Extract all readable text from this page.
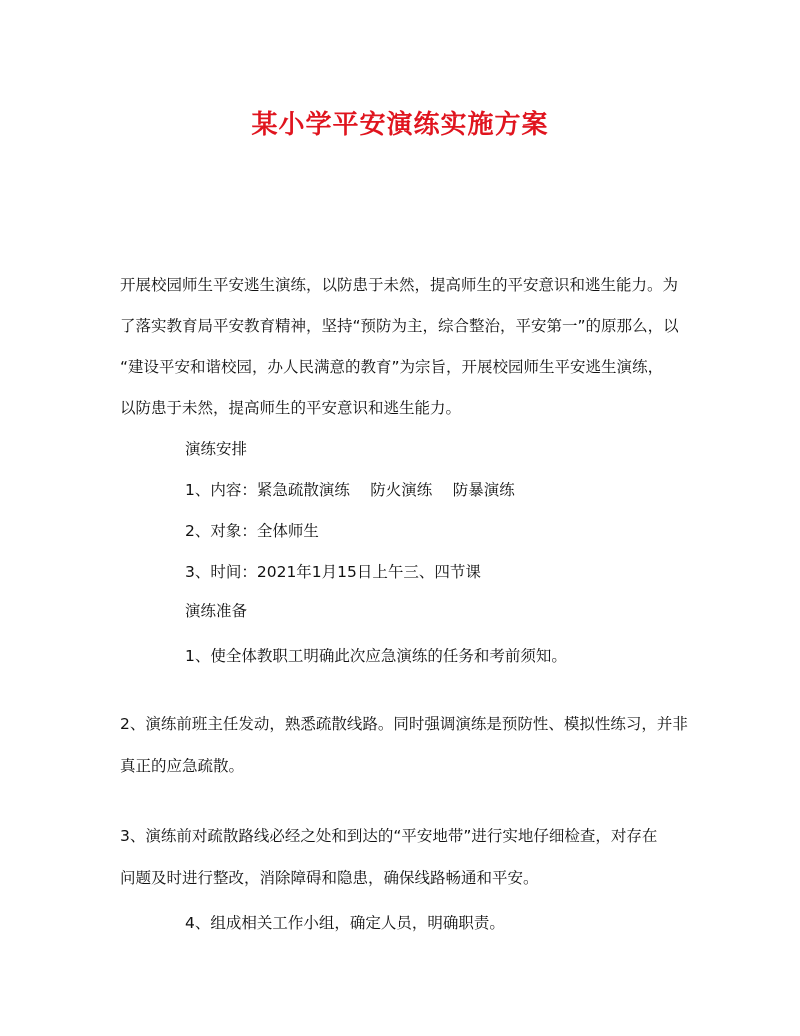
某小学平安演练实施方案
开展校园师生平安逃生演练，以防患于未然，提高师生的平安意识和逃生能力。为
了落实教育局平安教育精神，坚持“预防为主，综合整治，平安第一”的原那么，以
“建设平安和谐校园，办人民满意的教育”为宗旨，开展校园师生平安逃生演练，
以防患于未然，提高师生的平安意识和逃生能力。
演练安排
1、内容：紧急疏散演练　 防火演练　 防暴演练
2、对象：全体师生
3、时间：2021年1月15日上午三、四节课
演练准备
1、使全体教职工明确此次应急演练的任务和考前须知。
2、演练前班主任发动，熟悉疏散线路。同时强调演练是预防性、模拟性练习，并非
真正的应急疏散。
3、演练前对疏散路线必经之处和到达的“平安地带”进行实地仔细检查，对存在
问题及时进行整改，消除障碍和隐患，确保线路畅通和平安。
4、组成相关工作小组，确定人员，明确职责。
